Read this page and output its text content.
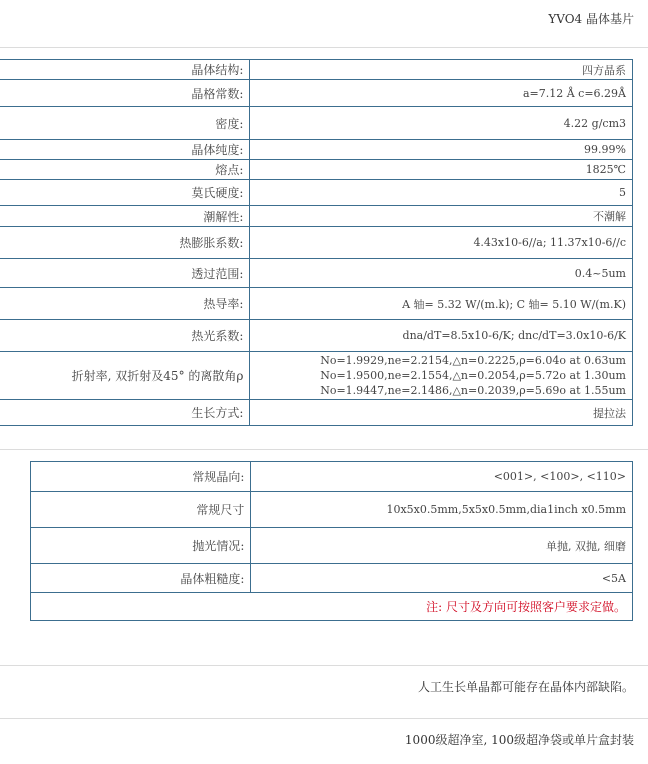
YVO4 晶体基片
晶体结构:	四方晶系
晶格常数:	a=7.12 Å c=6.29Å
密度:	4.22 g/cm3
晶体纯度:	99.99%
熔点:	1825℃
莫氏硬度:	5
潮解性:	不潮解
热膨胀系数:	4.43x10-6//a; 11.37x10-6//c
透过范围:	0.4~5um
热导率:	A 轴= 5.32 W/(m.k); C 轴= 5.10 W/(m.K)
热光系数:	dna/dT=8.5x10-6/K; dnc/dT=3.0x10-6/K
折射率, 双折射及45° 的离散角ρ	No=1.9929,ne=2.2154,△n=0.2225,ρ=6.04o at 0.63um
No=1.9500,ne=2.1554,△n=0.2054,ρ=5.72o at 1.30um
No=1.9447,ne=2.1486,△n=0.2039,ρ=5.69o at 1.55um

生长方式:	提拉法
常规晶向:	<001>, <100>, <110>
常规尺寸	10x5x0.5mm,5x5x0.5mm,dia1inch x0.5mm
抛光情况:	单抛, 双抛, 细磨
晶体粗糙度:	<5A
注: 尺寸及方向可按照客户要求定做。	
人工生长单晶都可能存在晶体内部缺陷。
1000级超净室, 100级超净袋或单片盒封装
